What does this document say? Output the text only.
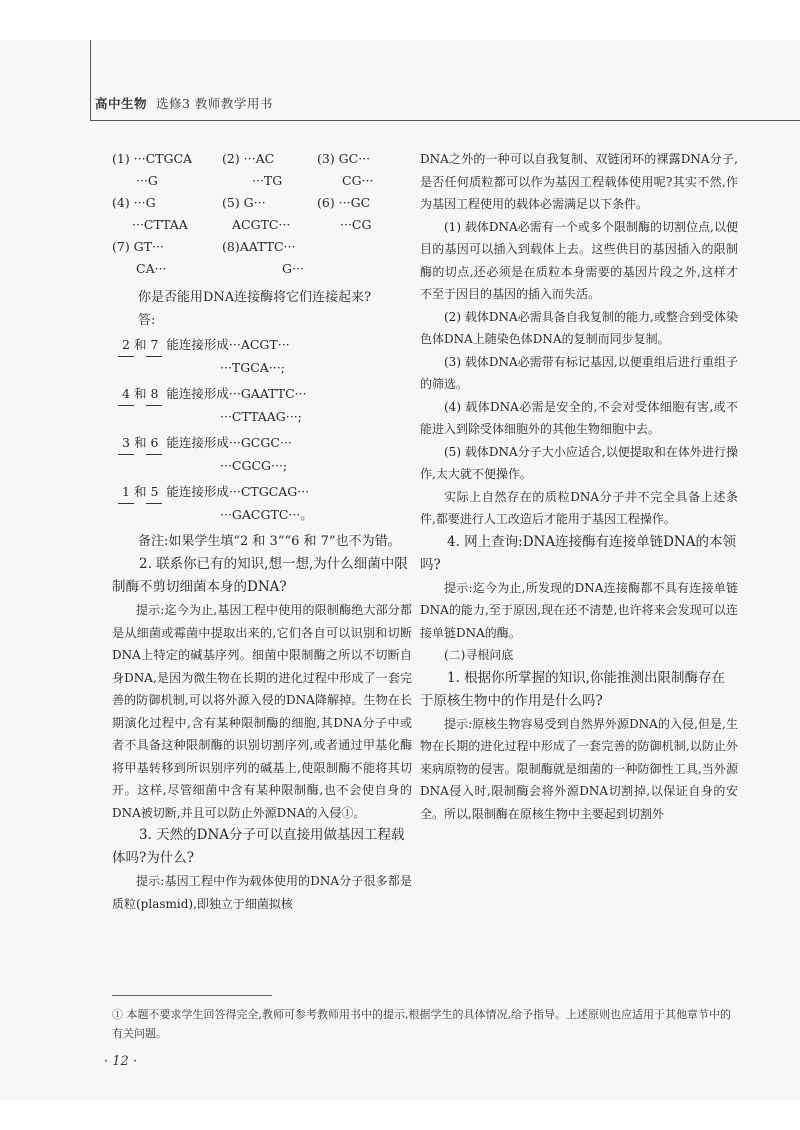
高中生物 选修3 教师教学用书
(1) ···CTGCA	(2) ···AC	(3) GC···
···G	···TG	CG···
(4) ···G	(5) G···	(6) ···GC
···CTTAA	ACGTC···	···CG
(7) GT···	(8)AATTC···
CA···	G···

你是否能用DNA连接酶将它们连接起来?

答:

2 和 7 能连接形成···ACGT···
···TGCA···;
4 和 8 能连接形成···GAATTC···
···CTTAAG···;
3 和 6 能连接形成···GCGC···
···CGCG···;
1 和 5 能连接形成···CTGCAG···
···GACGTC···。

备注:如果学生填“2 和 3”“6 和 7”也不为错。

2. 联系你已有的知识,想一想,为什么细菌中限制酶不剪切细菌本身的DNA?

提示:迄今为止,基因工程中使用的限制酶绝大部分都是从细菌或霉菌中提取出来的,它们各自可以识别和切断DNA上特定的碱基序列。细菌中限制酶之所以不切断自身DNA,是因为微生物在长期的进化过程中形成了一套完善的防御机制,可以将外源入侵的DNA降解掉。生物在长期演化过程中,含有某种限制酶的细胞,其DNA分子中或者不具备这种限制酶的识别切割序列,或者通过甲基化酶将甲基转移到所识别序列的碱基上,使限制酶不能将其切开。这样,尽管细菌中含有某种限制酶,也不会使自身的DNA被切断,并且可以防止外源DNA的入侵①。

3. 天然的DNA分子可以直接用做基因工程载体吗?为什么?

提示:基因工程中作为载体使用的DNA分子很多都是质粒(plasmid),即独立于细菌拟核

DNA之外的一种可以自我复制、双链闭环的裸露DNA分子,是否任何质粒都可以作为基因工程载体使用呢?其实不然,作为基因工程使用的载体必需满足以下条件。

(1) 载体DNA必需有一个或多个限制酶的切割位点,以便目的基因可以插入到载体上去。这些供目的基因插入的限制酶的切点,还必须是在质粒本身需要的基因片段之外,这样才不至于因目的基因的插入而失活。

(2) 载体DNA必需具备自我复制的能力,或整合到受体染色体DNA上随染色体DNA的复制而同步复制。

(3) 载体DNA必需带有标记基因,以便重组后进行重组子的筛选。

(4) 载体DNA必需是安全的,不会对受体细胞有害,或不能进入到除受体细胞外的其他生物细胞中去。

(5) 载体DNA分子大小应适合,以便提取和在体外进行操作,太大就不便操作。

实际上自然存在的质粒DNA分子并不完全具备上述条件,都要进行人工改造后才能用于基因工程操作。

4. 网上查询:DNA连接酶有连接单链DNA的本领吗?

提示:迄今为止,所发现的DNA连接酶都不具有连接单链DNA的能力,至于原因,现在还不清楚,也许将来会发现可以连接单链DNA的酶。

(二)寻根问底

1. 根据你所掌握的知识,你能推测出限制酶存在于原核生物中的作用是什么吗?

提示:原核生物容易受到自然界外源DNA的入侵,但是,生物在长期的进化过程中形成了一套完善的防御机制,以防止外来病原物的侵害。限制酶就是细菌的一种防御性工具,当外源DNA侵入时,限制酶会将外源DNA切割掉,以保证自身的安全。所以,限制酶在原核生物中主要起到切割外

① 本题不要求学生回答得完全,教师可参考教师用书中的提示,根据学生的具体情况,给予指导。上述原则也应适用于其他章节中的有关问题。
· 12 ·
